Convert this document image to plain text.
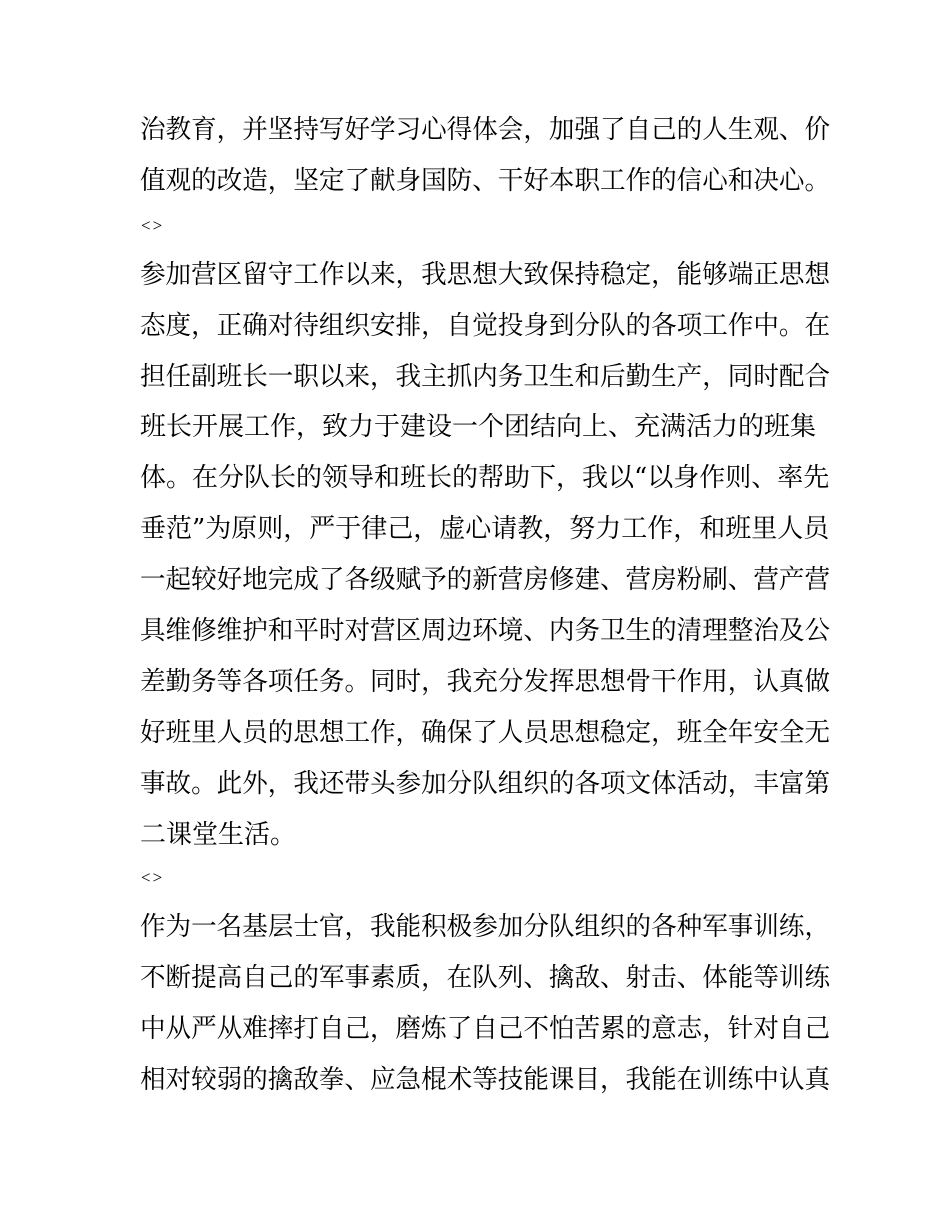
治教育，并坚持写好学习心得体会，加强了自己的人生观、价
值观的改造，坚定了献身国防、干好本职工作的信心和决心。
<>
参加营区留守工作以来，我思想大致保持稳定，能够端正思想
态度，正确对待组织安排，自觉投身到分队的各项工作中。在
担任副班长一职以来，我主抓内务卫生和后勤生产，同时配合
班长开展工作，致力于建设一个团结向上、充满活力的班集
体。在分队长的领导和班长的帮助下，我以“以身作则、率先
垂范”为原则，严于律己，虚心请教，努力工作，和班里人员
一起较好地完成了各级赋予的新营房修建、营房粉刷、营产营
具维修维护和平时对营区周边环境、内务卫生的清理整治及公
差勤务等各项任务。同时，我充分发挥思想骨干作用，认真做
好班里人员的思想工作，确保了人员思想稳定，班全年安全无
事故。此外，我还带头参加分队组织的各项文体活动，丰富第
二课堂生活。
<>
作为一名基层士官，我能积极参加分队组织的各种军事训练，
不断提高自己的军事素质，在队列、擒敌、射击、体能等训练
中从严从难摔打自己，磨炼了自己不怕苦累的意志，针对自己
相对较弱的擒敌拳、应急棍术等技能课目，我能在训练中认真
